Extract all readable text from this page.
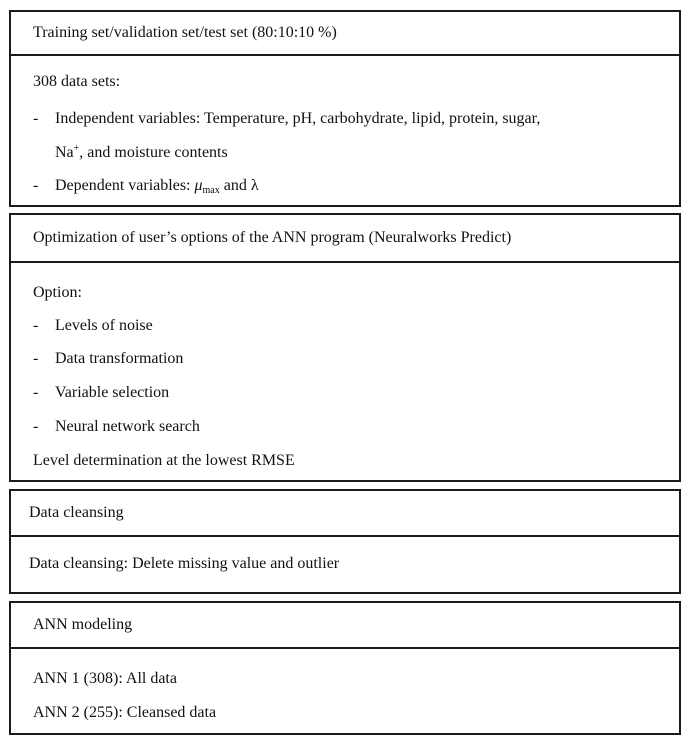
Training set/validation set/test set (80:10:10 %)
308 data sets:
- Independent variables: Temperature, pH, carbohydrate, lipid, protein, sugar,
Na+, and moisture contents
- Dependent variables: $\mu_{max}$ and λ
Optimization of user’s options of the ANN program (Neuralworks Predict)
Option:
- Levels of noise
- Data transformation
- Variable selection
- Neural network search
Level determination at the lowest RMSE
Data cleansing
Data cleansing: Delete missing value and outlier
ANN modeling
ANN 1 (308): All data
ANN 2 (255): Cleansed data
